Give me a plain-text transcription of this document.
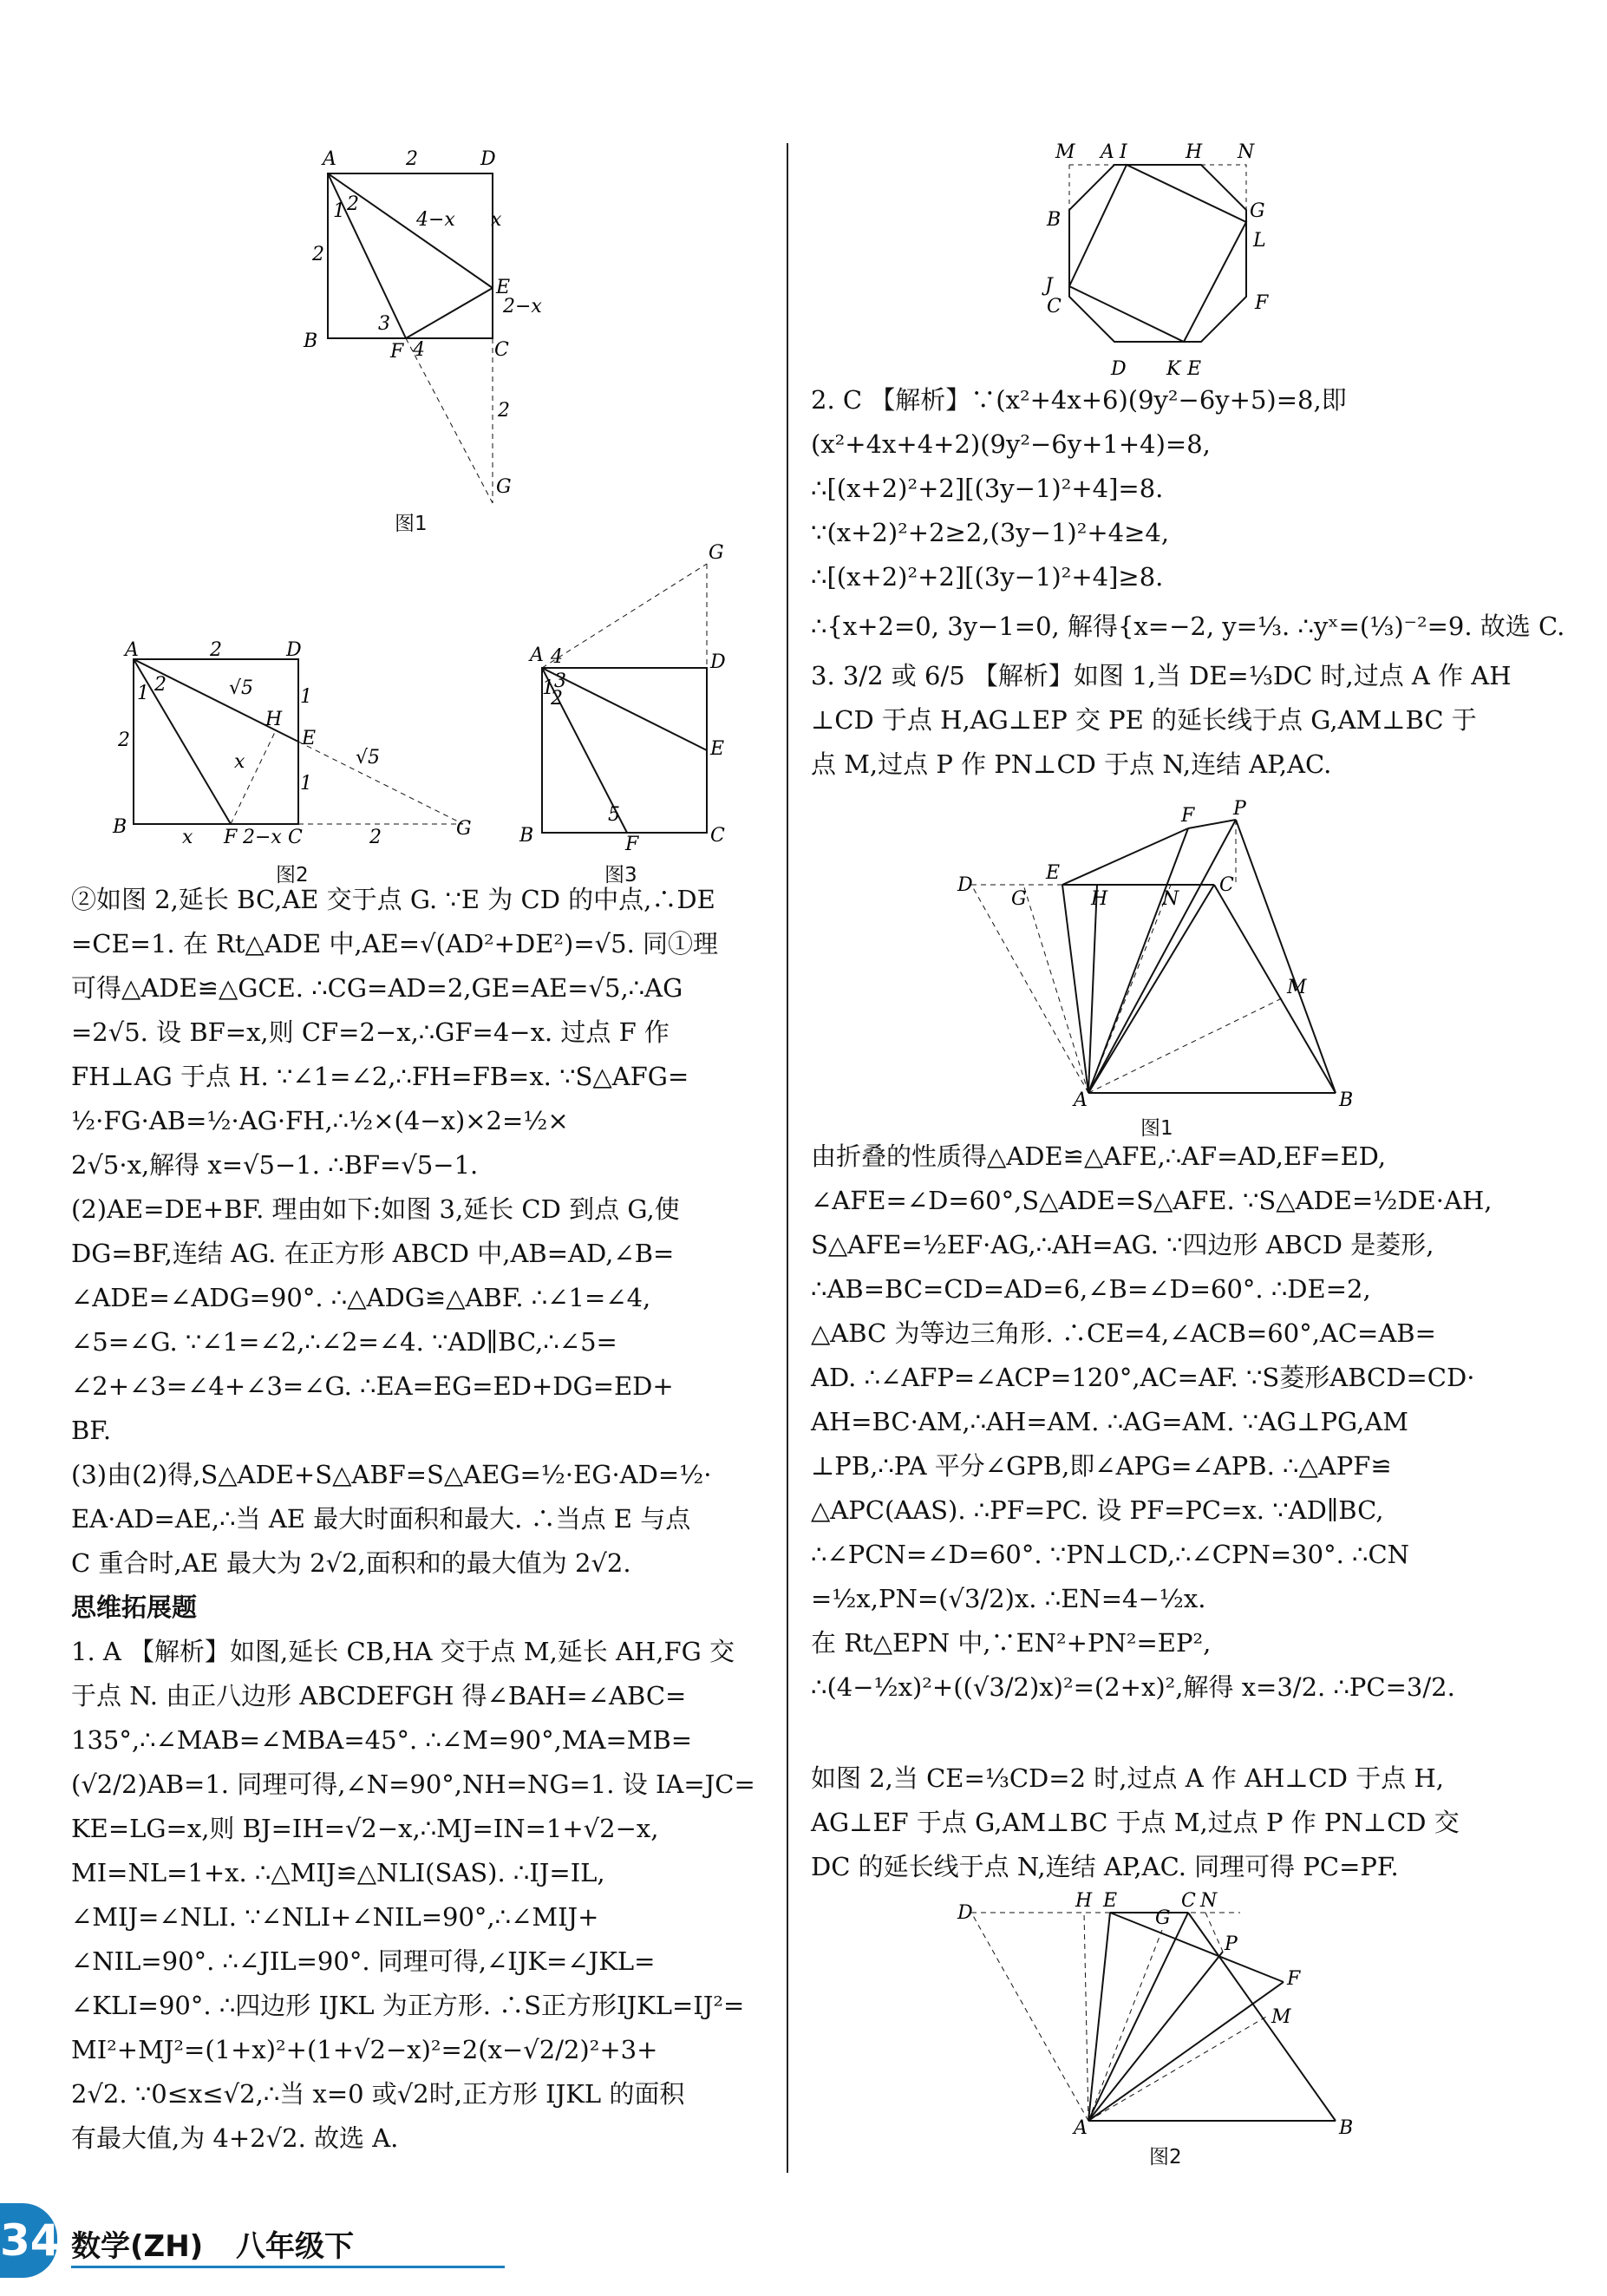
A	2	D
B	C
F
E
2−x
2
x
4−x
1 2
3
4
2
G
图1
A	2	D
B	F 2−x C
x	2	G
E
H
1
1
2
1 2	√5
x	√5
图2
A	D
G
B	C
F
E
4
3
1
2
5
图3
M A I	H N
B	G
L
J
C	F
D K E
D
E
G	H	N
C
F P
M
A	B
图1
D
H E
G
C N
P
F
M
A	B
图2

②如图 2,延长 BC,AE 交于点 G. ∵E 为 CD 的中点,∴DE

=CE=1. 在 Rt△ADE 中,AE=√(AD²+DE²)=√5. 同①理

可得△ADE≌△GCE. ∴CG=AD=2,GE=AE=√5,∴AG

=2√5. 设 BF=x,则 CF=2−x,∴GF=4−x. 过点 F 作

FH⊥AG 于点 H. ∵∠1=∠2,∴FH=FB=x. ∵S△AFG=

½·FG·AB=½·AG·FH,∴½×(4−x)×2=½×

2√5·x,解得 x=√5−1. ∴BF=√5−1.

(2)AE=DE+BF. 理由如下:如图 3,延长 CD 到点 G,使

DG=BF,连结 AG. 在正方形 ABCD 中,AB=AD,∠B=

∠ADE=∠ADG=90°. ∴△ADG≌△ABF. ∴∠1=∠4,

∠5=∠G. ∵∠1=∠2,∴∠2=∠4. ∵AD∥BC,∴∠5=

∠2+∠3=∠4+∠3=∠G. ∴EA=EG=ED+DG=ED+

BF.

(3)由(2)得,S△ADE+S△ABF=S△AEG=½·EG·AD=½·

EA·AD=AE,∴当 AE 最大时面积和最大. ∴当点 E 与点

C 重合时,AE 最大为 2√2,面积和的最大值为 2√2.

思维拓展题

1. A 【解析】如图,延长 CB,HA 交于点 M,延长 AH,FG 交

于点 N. 由正八边形 ABCDEFGH 得∠BAH=∠ABC=

135°,∴∠MAB=∠MBA=45°. ∴∠M=90°,MA=MB=

(√2/2)AB=1. 同理可得,∠N=90°,NH=NG=1. 设 IA=JC=

KE=LG=x,则 BJ=IH=√2−x,∴MJ=IN=1+√2−x,

MI=NL=1+x. ∴△MIJ≌△NLI(SAS). ∴IJ=IL,

∠MIJ=∠NLI. ∵∠NLI+∠NIL=90°,∴∠MIJ+

∠NIL=90°. ∴∠JIL=90°. 同理可得,∠IJK=∠JKL=

∠KLI=90°. ∴四边形 IJKL 为正方形. ∴S正方形IJKL=IJ²=

MI²+MJ²=(1+x)²+(1+√2−x)²=2(x−√2/2)²+3+

2√2. ∵0≤x≤√2,∴当 x=0 或√2时,正方形 IJKL 的面积

有最大值,为 4+2√2. 故选 A.

2. C 【解析】∵(x²+4x+6)(9y²−6y+5)=8,即

(x²+4x+4+2)(9y²−6y+1+4)=8,

∴[(x+2)²+2][(3y−1)²+4]=8.

∵(x+2)²+2≥2,(3y−1)²+4≥4,

∴[(x+2)²+2][(3y−1)²+4]≥8.

∴{x+2=0, 3y−1=0, 解得{x=−2, y=⅓. ∴yˣ=(⅓)⁻²=9. 故选 C.

3. 3/2 或 6/5 【解析】如图 1,当 DE=⅓DC 时,过点 A 作 AH

⊥CD 于点 H,AG⊥EP 交 PE 的延长线于点 G,AM⊥BC 于

点 M,过点 P 作 PN⊥CD 于点 N,连结 AP,AC.

由折叠的性质得△ADE≌△AFE,∴AF=AD,EF=ED,

∠AFE=∠D=60°,S△ADE=S△AFE. ∵S△ADE=½DE·AH,

S△AFE=½EF·AG,∴AH=AG. ∵四边形 ABCD 是菱形,

∴AB=BC=CD=AD=6,∠B=∠D=60°. ∴DE=2,

△ABC 为等边三角形. ∴CE=4,∠ACB=60°,AC=AB=

AD. ∴∠AFP=∠ACP=120°,AC=AF. ∵S菱形ABCD=CD·

AH=BC·AM,∴AH=AM. ∴AG=AM. ∵AG⊥PG,AM

⊥PB,∴PA 平分∠GPB,即∠APG=∠APB. ∴△APF≌

△APC(AAS). ∴PF=PC. 设 PF=PC=x. ∵AD∥BC,

∴∠PCN=∠D=60°. ∵PN⊥CD,∴∠CPN=30°. ∴CN

=½x,PN=(√3/2)x. ∴EN=4−½x.

在 Rt△EPN 中,∵EN²+PN²=EP²,

∴(4−½x)²+((√3/2)x)²=(2+x)²,解得 x=3/2. ∴PC=3/2.

如图 2,当 CE=⅓CD=2 时,过点 A 作 AH⊥CD 于点 H,

AG⊥EF 于点 G,AM⊥BC 于点 M,过点 P 作 PN⊥CD 交

DC 的延长线于点 N,连结 AP,AC. 同理可得 PC=PF.

34 数学(ZH) 八年级下
